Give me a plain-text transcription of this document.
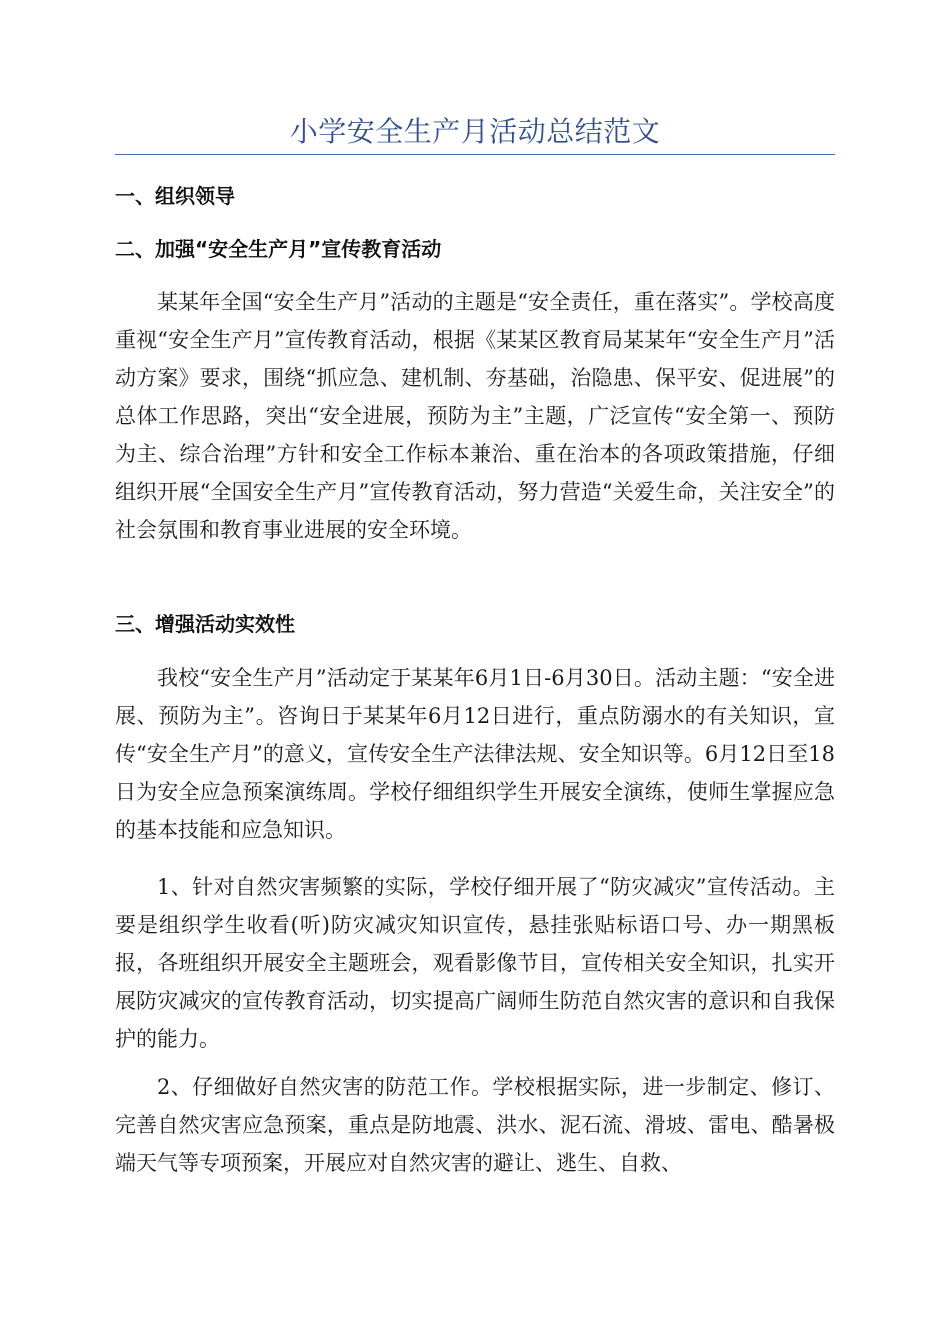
小学安全生产月活动总结范文
一、组织领导
二、加强“安全生产月”宣传教育活动

某某年全国“安全生产月”活动的主题是“安全责任，重在落实”。学校高度重视“安全生产月”宣传教育活动，根据《某某区教育局某某年“安全生产月”活动方案》要求，围绕“抓应急、建机制、夯基础，治隐患、保平安、促进展”的总体工作思路，突出“安全进展，预防为主”主题，广泛宣传“安全第一、预防为主、综合治理”方针和安全工作标本兼治、重在治本的各项政策措施，仔细组织开展“全国安全生产月”宣传教育活动，努力营造“关爱生命，关注安全”的社会氛围和教育事业进展的安全环境。

三、增强活动实效性

我校“安全生产月”活动定于某某年6月1日-6月30日。活动主题：“安全进展、预防为主”。咨询日于某某年6月12日进行，重点防溺水的有关知识，宣传“安全生产月”的意义，宣传安全生产法律法规、安全知识等。6月12日至18日为安全应急预案演练周。学校仔细组织学生开展安全演练，使师生掌握应急的基本技能和应急知识。

1、针对自然灾害频繁的实际，学校仔细开展了“防灾减灾”宣传活动。主要是组织学生收看(听)防灾减灾知识宣传，悬挂张贴标语口号、办一期黑板报，各班组织开展安全主题班会，观看影像节目，宣传相关安全知识，扎实开展防灾减灾的宣传教育活动，切实提高广阔师生防范自然灾害的意识和自我保护的能力。

2、仔细做好自然灾害的防范工作。学校根据实际，进一步制定、修订、完善自然灾害应急预案，重点是防地震、洪水、泥石流、滑坡、雷电、酷暑极端天气等专项预案，开展应对自然灾害的避让、逃生、自救、
